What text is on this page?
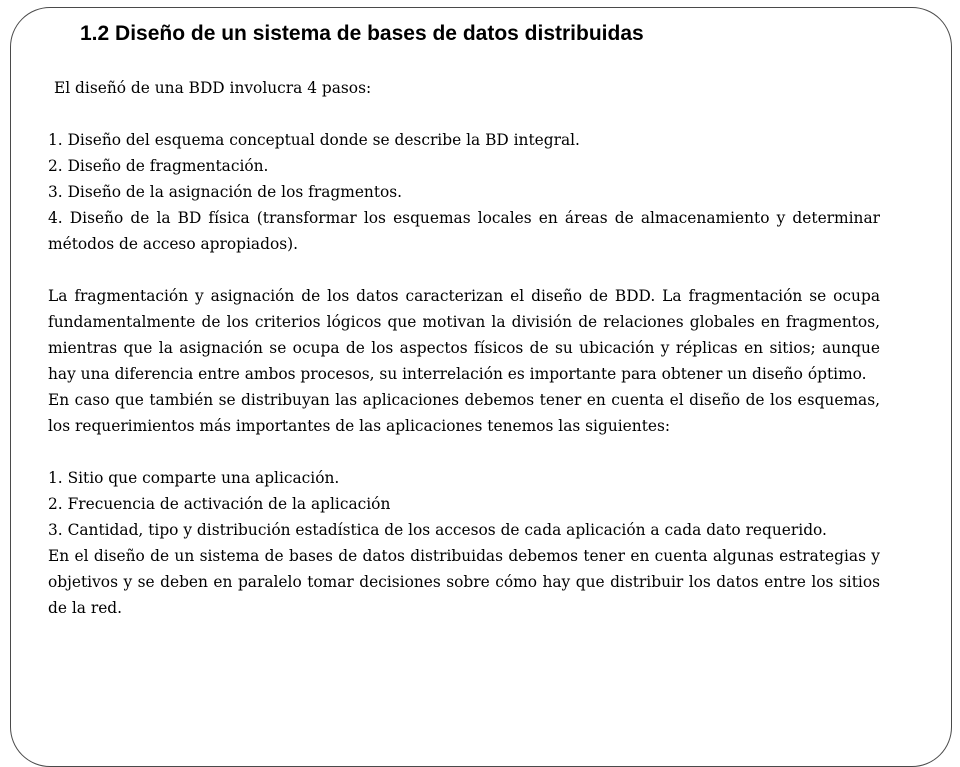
1.2 Diseño de un sistema de bases de datos distribuidas

El diseñó de una BDD involucra 4 pasos:

1. Diseño del esquema conceptual donde se describe la BD integral.

2. Diseño de fragmentación.

3. Diseño de la asignación de los fragmentos.

4. Diseño de la BD física (transformar los esquemas locales en áreas de almacenamiento y determinar métodos de acceso apropiados).

La fragmentación y asignación de los datos caracterizan el diseño de BDD. La fragmentación se ocupa fundamentalmente de los criterios lógicos que motivan la división de relaciones globales en fragmentos, mientras que la asignación se ocupa de los aspectos físicos de su ubicación y réplicas en sitios; aunque hay una diferencia entre ambos procesos, su interrelación es importante para obtener un diseño óptimo.

En caso que también se distribuyan las aplicaciones debemos tener en cuenta el diseño de los esquemas, los requerimientos más importantes de las aplicaciones tenemos las siguientes:

1. Sitio que comparte una aplicación.

2. Frecuencia de activación de la aplicación

3. Cantidad, tipo y distribución estadística de los accesos de cada aplicación a cada dato requerido.

En el diseño de un sistema de bases de datos distribuidas debemos tener en cuenta algunas estrategias y objetivos y se deben en paralelo tomar decisiones sobre cómo hay que distribuir los datos entre los sitios de la red.
